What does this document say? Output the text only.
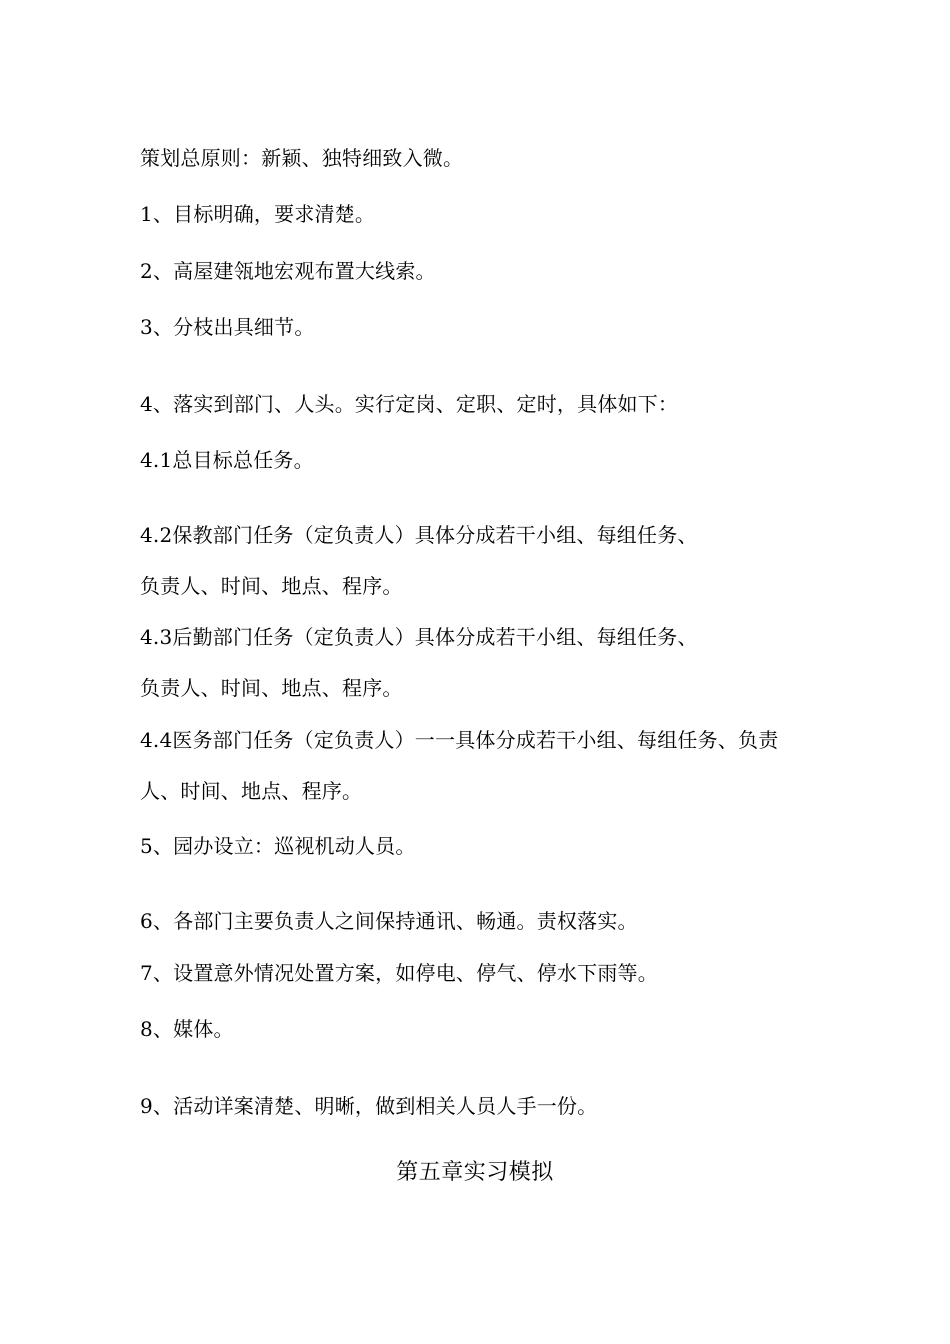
策划总原则：新颖、独特细致入微。
1、目标明确，要求清楚。
2、高屋建瓴地宏观布置大线索。
3、分枝出具细节。
4、落实到部门、人头。实行定岗、定职、定时，具体如下：
4.1总目标总任务。
4.2保教部门任务（定负责人）具体分成若干小组、每组任务、
负责人、时间、地点、程序。
4.3后勤部门任务（定负责人）具体分成若干小组、每组任务、
负责人、时间、地点、程序。
4.4医务部门任务（定负责人）一一具体分成若干小组、每组任务、负责
人、时间、地点、程序。
5、园办设立：巡视机动人员。
6、各部门主要负责人之间保持通讯、畅通。责权落实。
7、设置意外情况处置方案，如停电、停气、停水下雨等。
8、媒体。
9、活动详案清楚、明晰，做到相关人员人手一份。
第五章实习模拟
